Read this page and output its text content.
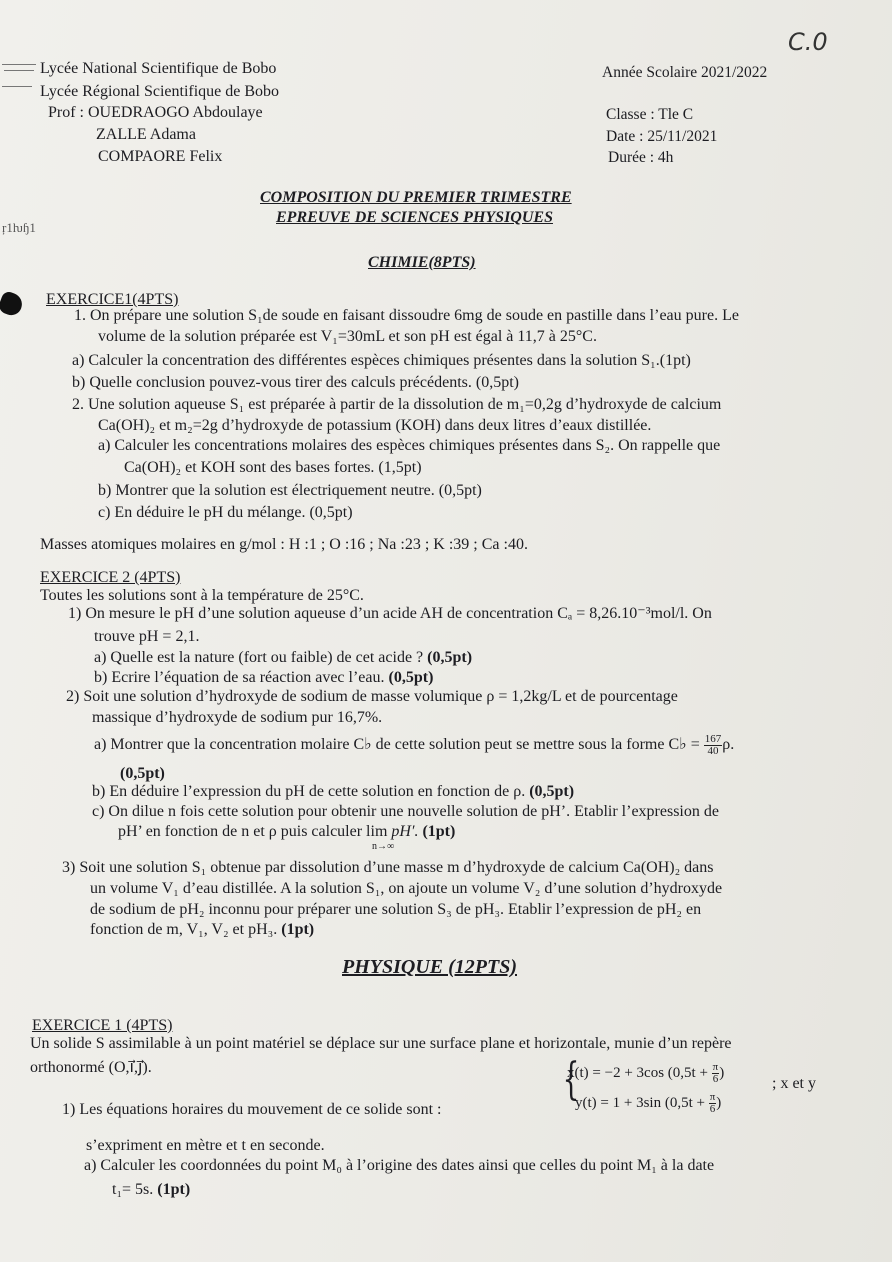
ŗ1ƕɧ1
C.0
Lycée National Scientifique de Bobo
Lycée Régional Scientifique de Bobo
Prof : OUEDRAOGO Abdoulaye
ZALLE Adama
COMPAORE Felix
Année Scolaire 2021/2022
Classe : Tle C
Date : 25/11/2021
Durée : 4h
COMPOSITION DU PREMIER TRIMESTRE
EPREUVE DE SCIENCES PHYSIQUES
CHIMIE(8PTS)
EXERCICE1(4PTS)
1. On prépare une solution S₁de soude en faisant dissoudre 6mg de soude en pastille dans l’eau pure. Le
volume de la solution préparée est V₁=30mL et son pH est égal à 11,7 à 25°C.
a) Calculer la concentration des différentes espèces chimiques présentes dans la solution S₁.(1pt)
b) Quelle conclusion pouvez-vous tirer des calculs précédents. (0,5pt)
2. Une solution aqueuse S₁ est préparée à partir de la dissolution de m₁=0,2g d’hydroxyde de calcium
Ca(OH)₂ et m₂=2g d’hydroxyde de potassium (KOH) dans deux litres d’eaux distillée.
a) Calculer les concentrations molaires des espèces chimiques présentes dans S₂. On rappelle que
Ca(OH)₂ et KOH sont des bases fortes. (1,5pt)
b) Montrer que la solution est électriquement neutre. (0,5pt)
c) En déduire le pH du mélange. (0,5pt)
Masses atomiques molaires en g/mol : H :1 ; O :16 ; Na :23 ; K :39 ; Ca :40.
EXERCICE 2 (4PTS)
Toutes les solutions sont à la température de 25°C.
1) On mesure le pH d’une solution aqueuse d’un acide AH de concentration Cₐ = 8,26.10⁻³mol/l. On
trouve pH = 2,1.
a) Quelle est la nature (fort ou faible) de cet acide ? (0,5pt)
b) Ecrire l’équation de sa réaction avec l’eau. (0,5pt)
2) Soit une solution d’hydroxyde de sodium de masse volumique ρ = 1,2kg/L et de pourcentage
massique d’hydroxyde de sodium pur 16,7%.
a) Montrer que la concentration molaire C♭ de cette solution peut se mettre sous la forme C♭ = $\frac{167}{40} \rho$.
(0,5pt)
b) En déduire l’expression du pH de cette solution en fonction de ρ. (0,5pt)
c) On dilue n fois cette solution pour obtenir une nouvelle solution de pH’. Etablir l’expression de
pH’ en fonction de n et ρ puis calculer lim
n→∞
pH′. (1pt)
3) Soit une solution S₁ obtenue par dissolution d’une masse m d’hydroxyde de calcium Ca(OH)₂ dans
un volume V₁ d’eau distillée. A la solution S₁, on ajoute un volume V₂ d’une solution d’hydroxyde
de sodium de pH₂ inconnu pour préparer une solution S₃ de pH₃. Etablir l’expression de pH₂ en
fonction de m, V₁, V₂ et pH₃. (1pt)
PHYSIQUE (12PTS)
EXERCICE 1 (4PTS)
Un solide S assimilable à un point matériel se déplace sur une surface plane et horizontale, munie d’un repère
orthonormé (O,ı⃗,ȷ⃗).
1) Les équations horaires du mouvement de ce solide sont :
{
x(t) = −2 + 3cos ($0,5t + \frac{\pi}{6}$ )
y(t) = 1 + 3sin ($0,5t + \frac{\pi}{6}$ )
; x et y
s’expriment en mètre et t en seconde.
a) Calculer les coordonnées du point M₀ à l’origine des dates ainsi que celles du point M₁ à la date
t₁= 5s. (1pt)
